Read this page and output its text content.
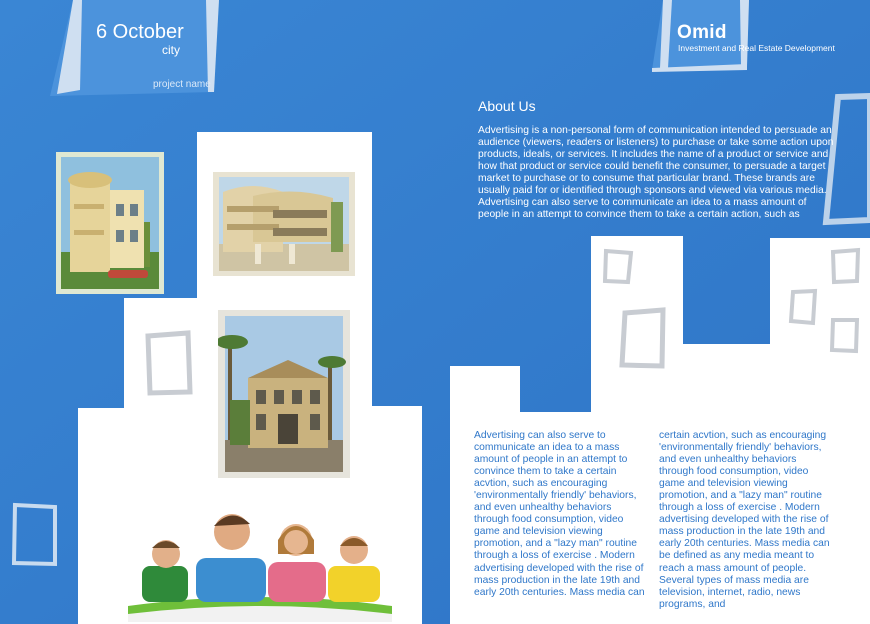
6 October
city
project name
Omid
Investment and Real Estate Development
About Us
Advertising is a non-personal form of communication intended to persuade an audience (viewers, readers or listeners) to purchase or take some action upon products, ideals, or services. It includes the name of a product or service and how that product or service could benefit the consumer, to persuade a target market to purchase or to consume that particular brand. These brands are usually paid for or identified through sponsors and viewed via various media. Advertising can also serve to communicate an idea to a mass amount of people in an attempt to convince them to take a certain action, such as
Advertising can also serve to communicate an idea to a mass amount of people in an attempt to convince them to take a certain acvtion, such as encouraging 'environmentally friendly' behaviors, and even unhealthy behaviors through food consumption, video game and television viewing promotion, and a "lazy man" routine through a loss of exercise . Modern advertising developed with the rise of mass production in the late 19th and early 20th centuries. Mass media can
certain acvtion, such as encouraging 'environmentally friendly' behaviors, and even unhealthy behaviors through food consumption, video game and television viewing promotion, and a "lazy man" routine through a loss of exercise . Modern advertising developed with the rise of mass production in the late 19th and early 20th centuries. Mass media can be defined as any media meant to reach a mass amount of people. Several types of mass media are television, internet, radio, news programs, and
